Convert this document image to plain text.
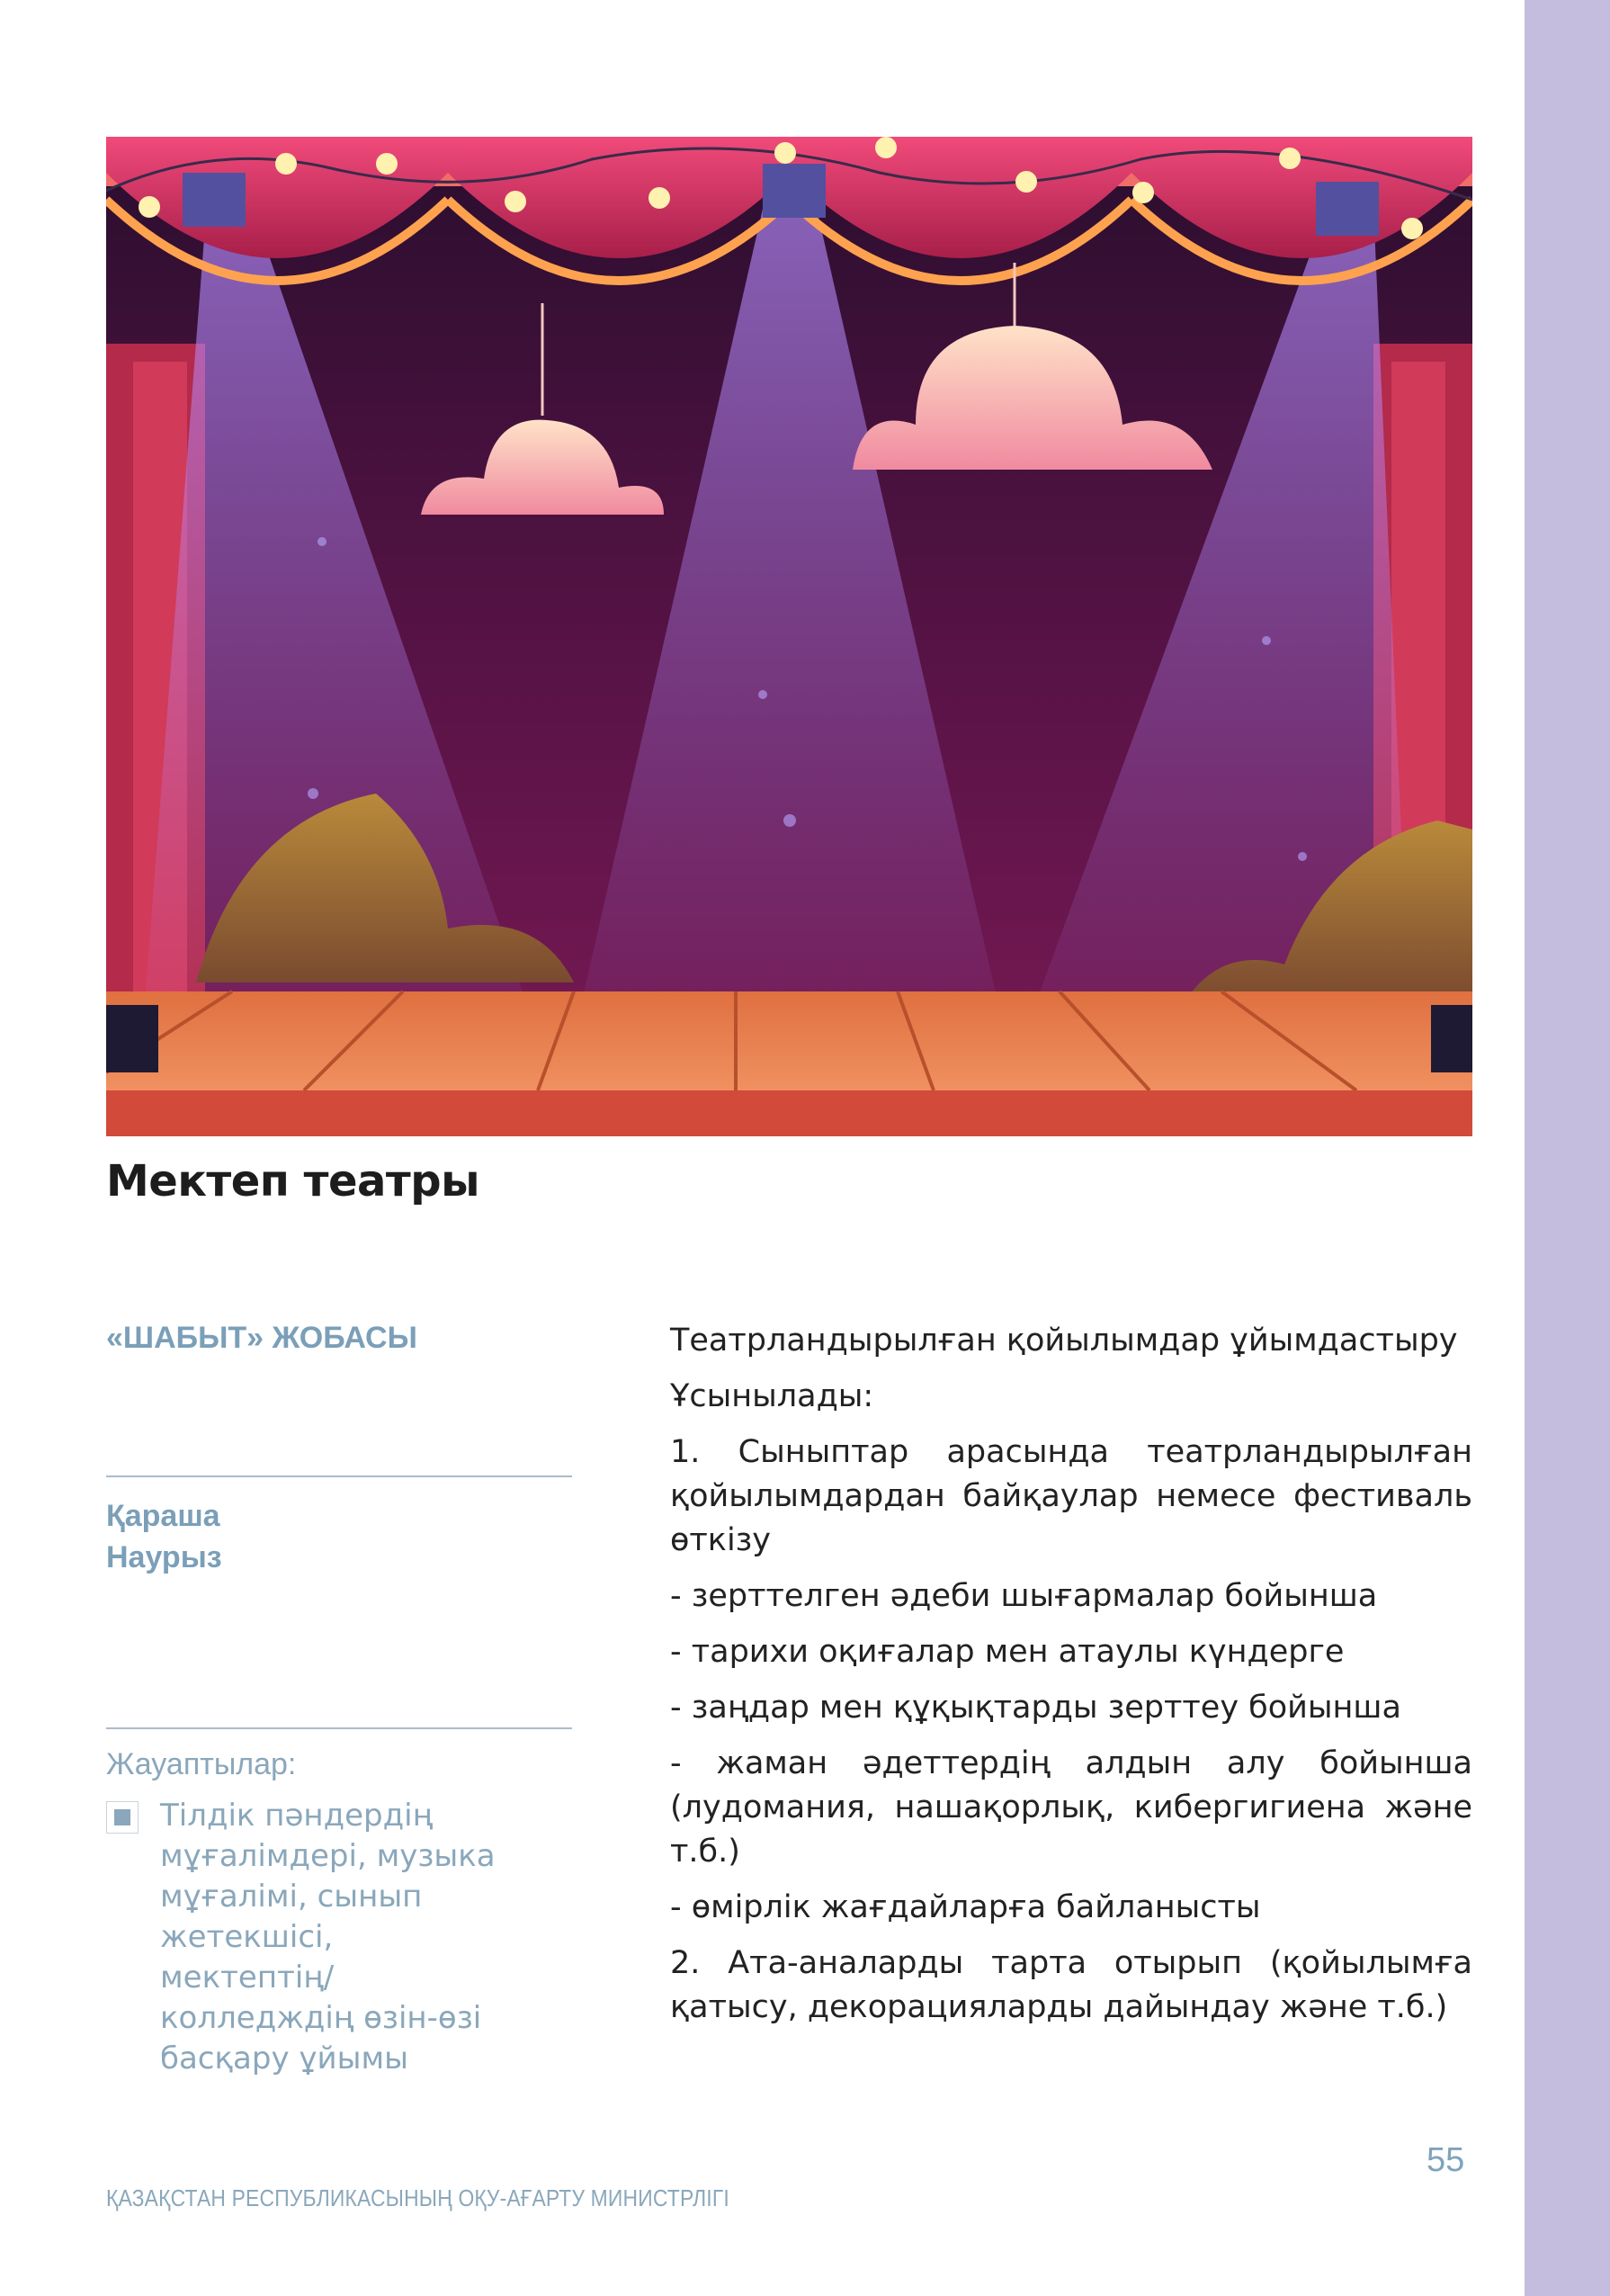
Мектеп театры
«ШАБЫТ» ЖОБАСЫ
Қараша
Наурыз
Жауаптылар:
Тілдік пәндердің
мұғалімдері, музыка
мұғалімі, сынып
жетекшісі, мектептің/
колледждің өзін-өзі
басқару ұйымы

Театрландырылған қойылымдар ұйымдастыру

Ұсынылады:

1. Сыныптар арасында театрландырылған қойылымдардан байқаулар немесе фестиваль өткізу

- зерттелген әдеби шығармалар бойынша

- тарихи оқиғалар мен атаулы күндерге

- заңдар мен құқықтарды зерттеу бойынша

- жаман әдеттердің алдын алу бойынша (лудомания, нашақорлық, кибергигиена және т.б.)

- өмірлік жағдайларға байланысты

2. Ата-аналарды тарта отырып (қойылымға қатысу, декорацияларды дайындау және т.б.)

55
ҚАЗАҚСТАН РЕСПУБЛИКАСЫНЫҢ ОҚУ-АҒАРТУ МИНИСТРЛІГІ
